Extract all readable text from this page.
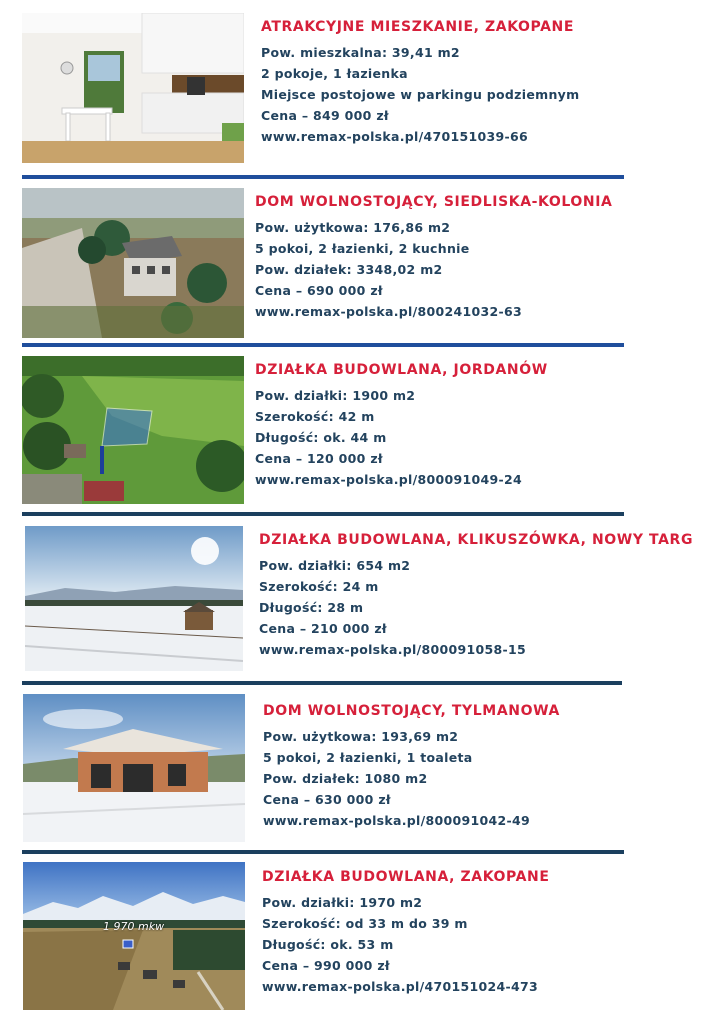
ATRAKCYJNE MIESZKANIE, ZAKOPANE
Pow. mieszkalna: 39,41 m2
2 pokoje, 1 łazienka
Miejsce postojowe w parkingu podziemnym
Cena – 849 000 zł
www.remax-polska.pl/470151039-66
DOM WOLNOSTOJĄCY, SIEDLISKA-KOLONIA
Pow. użytkowa: 176,86 m2
5 pokoi, 2 łazienki, 2 kuchnie
Pow. działek: 3348,02 m2
Cena – 690 000 zł
www.remax-polska.pl/800241032-63
DZIAŁKA BUDOWLANA, JORDANÓW
Pow. działki: 1900 m2
Szerokość: 42 m
Długość: ok. 44 m
Cena – 120 000 zł
www.remax-polska.pl/800091049-24
DZIAŁKA BUDOWLANA, KLIKUSZÓWKA, NOWY TARG
Pow. działki: 654 m2
Szerokość: 24 m
Długość: 28 m
Cena – 210 000 zł
www.remax-polska.pl/800091058-15
DOM WOLNOSTOJĄCY, TYLMANOWA
Pow. użytkowa: 193,69 m2
5 pokoi, 2 łazienki, 1 toaleta
Pow. działek: 1080 m2
Cena – 630 000 zł
www.remax-polska.pl/800091042-49
1 970 mkw
DZIAŁKA BUDOWLANA, ZAKOPANE
Pow. działki: 1970 m2
Szerokość: od 33 m do 39 m
Długość: ok. 53 m
Cena – 990 000 zł
www.remax-polska.pl/470151024-473
